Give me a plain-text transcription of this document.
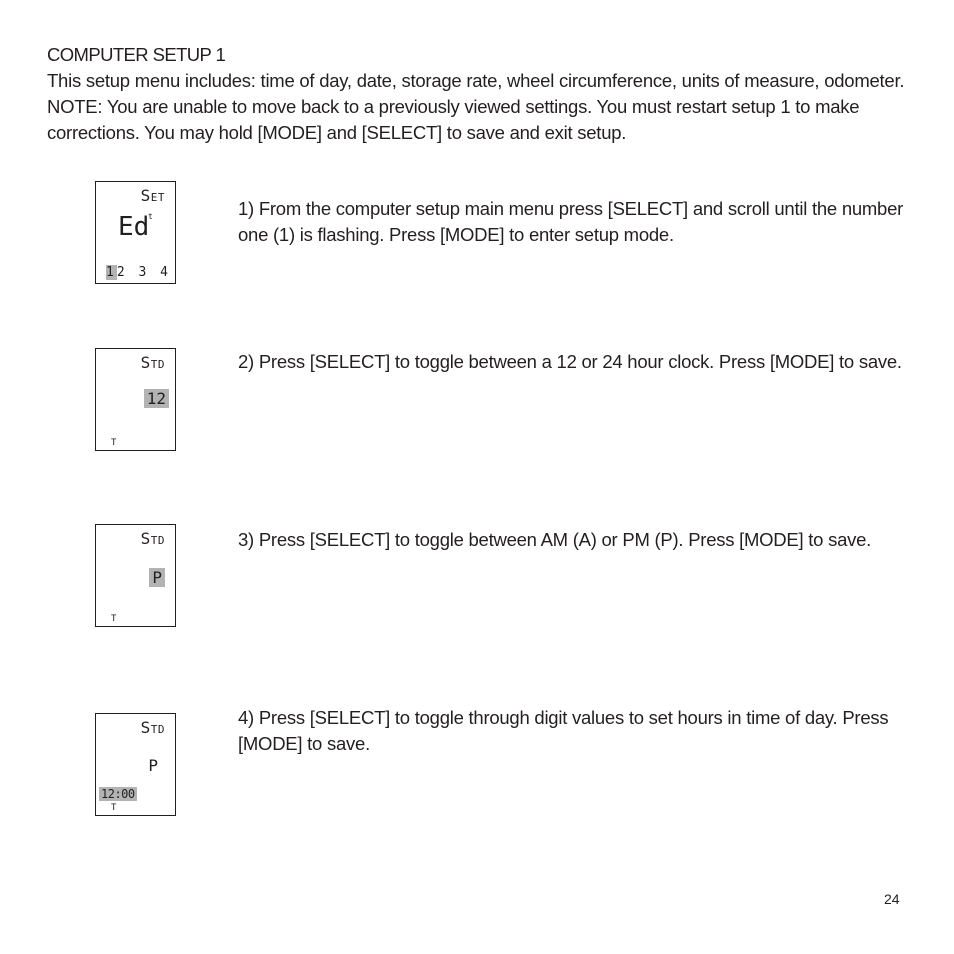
COMPUTER SETUP 1
This setup menu includes: time of day, date, storage rate, wheel circumference, units of measure, odometer. NOTE: You are unable to move back to a previously viewed settings. You must restart setup 1 to make corrections. You may hold [MODE] and [SELECT] to save and exit setup.
SET
Ed
t
12 3 4
1) From the computer setup main menu press [SELECT] and scroll until the number one (1) is flashing. Press [MODE] to enter setup mode.
STD
12
T
2) Press [SELECT] to toggle between a 12 or 24 hour clock. Press [MODE] to save.
STD
P
T
3) Press [SELECT] to toggle between AM (A) or PM (P). Press [MODE] to save.
STD
P
12:00
T
4) Press [SELECT] to toggle through digit values to set hours in time of day. Press [MODE] to save.
24
